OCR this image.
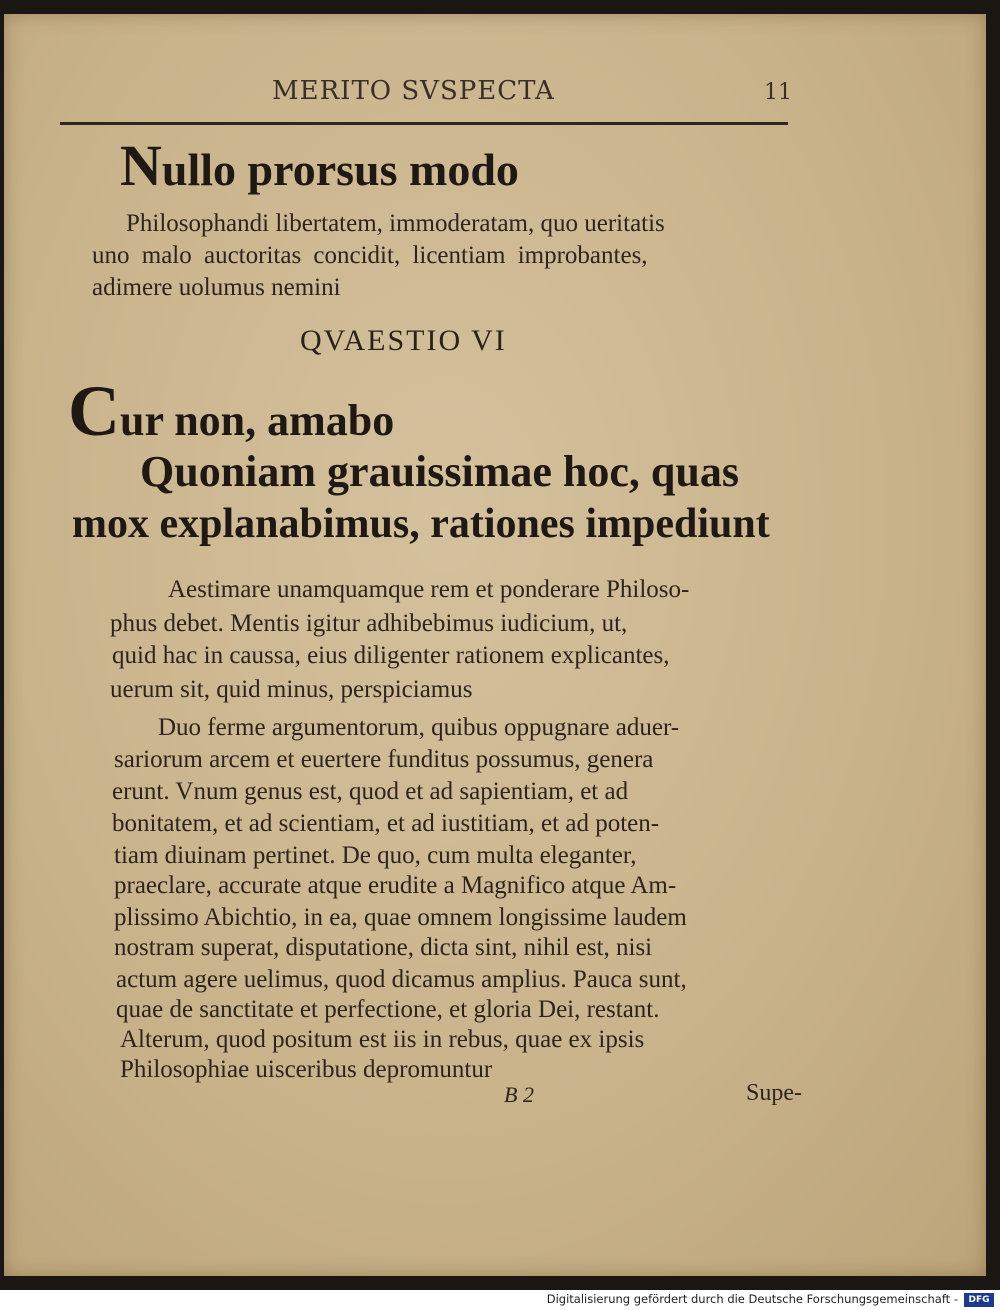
MERITO SVSPECTA	11
Nullo prorsus modo
Philosophandi libertatem, immoderatam, quo ueritatis
uno malo auctoritas concidit, licentiam improbantes,
adimere uolumus nemini
QVAESTIO VI
Cur non, amabo
Quoniam grauissimae hoc, quas
mox explanabimus, rationes impediunt
Aestimare unamquamque rem et ponderare Philoso-
phus debet. Mentis igitur adhibebimus iudicium, ut,
quid hac in caussa, eius diligenter rationem explicantes,
uerum sit, quid minus, perspiciamus
Duo ferme argumentorum, quibus oppugnare aduer-
sariorum arcem et euertere funditus possumus, genera
erunt. Vnum genus est, quod et ad sapientiam, et ad
bonitatem, et ad scientiam, et ad iustitiam, et ad poten-
tiam diuinam pertinet. De quo, cum multa eleganter,
praeclare, accurate atque erudite a Magnifico atque Am-
plissimo Abichtio, in ea, quae omnem longissime laudem
nostram superat, disputatione, dicta sint, nihil est, nisi
actum agere uelimus, quod dicamus amplius. Pauca sunt,
quae de sanctitate et perfectione, et gloria Dei, restant.
Alterum, quod positum est iis in rebus, quae ex ipsis
Philosophiae uisceribus depromuntur
B 2	Supe-
Digitalisierung gefördert durch die Deutsche Forschungsgemeinschaft -	DFG
